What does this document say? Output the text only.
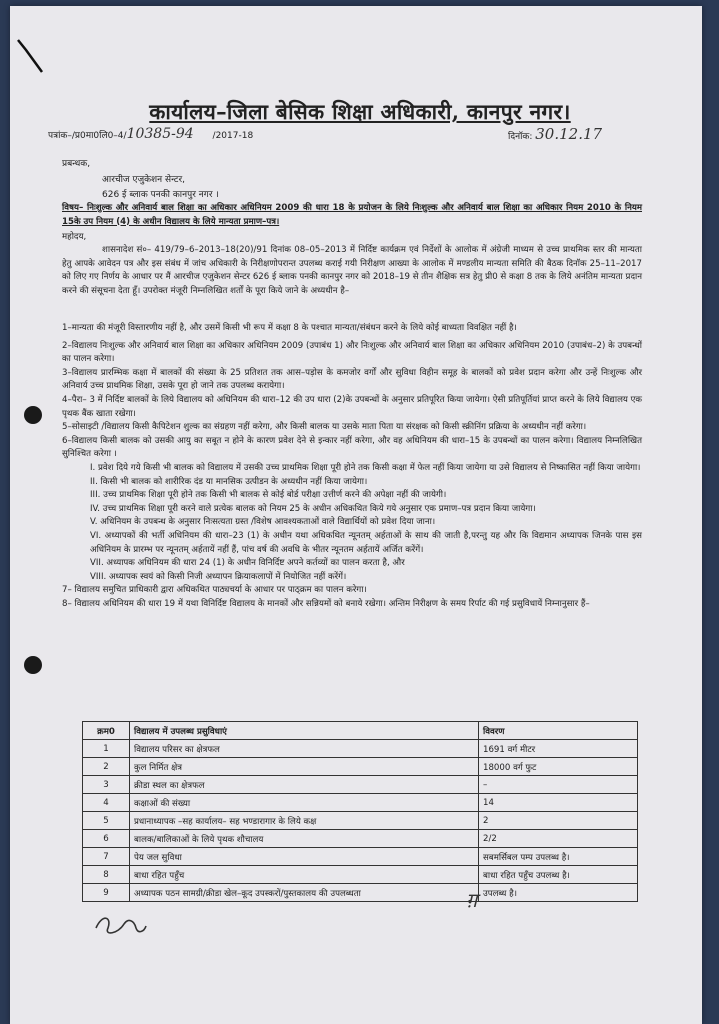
कार्यालय–जिला बेसिक शिक्षा अधिकारी, कानपुर नगर।
पत्रांक–/प्र0मा0लि0–4/10385-94 /2017-18	दिनॉक: 30.12.17
प्रबन्धक,
आरचीज एजुकेशन सेन्टर,
626 ई ब्लाक पनकी कानपुर नगर ।
विषय– निःशुल्क और अनिवार्य बाल शिक्षा का अधिकार अधिनियम 2009 की धारा 18 के प्रयोजन के लिये निःशुल्क और अनिवार्य बाल शिक्षा का अधिकार नियम 2010 के नियम 15के उप नियम (4) के अधीन विद्यालय के लिये मान्यता प्रमाण–पत्र।
महोदय,
शासनादेश सं०– 419/79–6–2013–18(20)/91 दिनांक 08–05–2013 में निर्दिष्ट कार्यक्रम एवं निर्देशों के आलोक में अंग्रेजी माध्यम से उच्च प्राथमिक स्तर की मान्यता हेतु आपके आवेदन पत्र और इस संबंध में जांच अधिकारी के निरीक्षणोपरान्त उपलब्ध कराई गयी निरीक्षण आख्या के आलोक में मण्डलीय मान्यता समिति की बैठक दिनॉक 25–11–2017 को लिए गए निर्णय के आधार पर मैं आरचीज एजुकेशन सेन्टर 626 ई ब्लाक पनकी कानपुर नगर को 2018–19 से तीन शैक्षिक सत्र हेतु प्री0 से कक्षा 8 तक के लिये अनंतिम मान्यता प्रदान करने की संसूचना देता हूँ। उपरोक्त मंजूरी निम्नलिखित शर्तों के पूरा किये जाने के अध्यधीन है–

1–मान्यता की मंजूरी विस्तारणीय नहीं है, और उसमें किसी भी रूप में कक्षा 8 के पश्चात मान्यता/संबंधन करने के लिये कोई बाध्यता विवक्षित नहीं है।

2–विद्यालय निःशुल्क और अनिवार्य बाल शिक्षा का अधिकार अधिनियम 2009 (उपाबंध 1) और निःशुल्क और अनिवार्य बाल शिक्षा का अधिकार अधिनियम 2010 (उपाबंध–2) के उपबन्धों का पालन करेगा।

3–विद्यालय प्रारम्भिक कक्षा में बालकों की संख्या के 25 प्रतिशत तक आस–पड़ोस के कमजोर वर्गों और सुविधा विहीन समूह के बालकों को प्रवेश प्रदान करेगा और उन्हें निःशुल्क और अनिवार्य उच्च प्राथमिक शिक्षा, उसके पूरा हो जाने तक उपलब्ध करायेगा।

4–पैरा– 3 में निर्दिष्ट बालकों के लिये विद्यालय को अधिनियम की धारा–12 की उप धारा (2)के उपबन्धों के अनुसार प्रतिपूरित किया जायेगा। ऐसी प्रतिपूर्तियां प्राप्त करने के लिये विद्यालय एक पृथक बैंक खाता रखेगा।

5–सोसाइटी /विद्यालय किसी कैपिटेशन शुल्क का संग्रहण नहीं करेगा, और किसी बालक या उसके माता पिता या संरक्षक को किसी स्क्रीनिंग प्रक्रिया के अध्यधीन नहीं करेगा।

6–विद्यालय किसी बालक को उसकी आयु का सबूत न होने के कारण प्रवेश देने से इन्कार नहीं करेगा, और वह अधिनियम की धारा–15 के उपबन्धों का पालन करेगा। विद्यालय निम्नलिखित सुनिश्चित करेगा ।

I. प्रवेश दिये गये किसी भी बालक को विद्यालय में उसकी उच्च प्राथमिक शिक्षा पूरी होने तक किसी कक्षा में फेल नहीं किया जायेगा या उसे विद्यालय से निष्कासित नहीं किया जायेगा।

II. किसी भी बालक को शारीरिक दंड या मानसिक उत्पीडन के अध्यधीन नहीं किया जायेगा।

III. उच्च प्राथमिक शिक्षा पूरी होने तक किसी भी बालक से कोई बोर्ड परीक्षा उत्तीर्ण करने की अपेक्षा नहीं की जायेगी।

IV. उच्च प्राथमिक शिक्षा पूरी करने वाले प्रत्येक बालक को नियम 25 के अधीन अधिकथित किये गये अनुसार एक प्रमाण–पत्र प्रदान किया जायेगा।

V. अधिनियम के उपबन्ध के अनुसार निःसत्यता ग्रस्त /विशेष आवश्यकताओं वाले विद्यार्थियों को प्रवेश दिया जाना।

VI. अध्यापकों की भर्ती अधिनियम की धारा–23 (1) के अधीन यथा अधिकथित न्यूनतम् अर्हताओं के साथ की जाती है,परन्तु यह और कि विद्यमान अध्यापक जिनके पास इस अधिनियम के प्रारम्भ पर न्यूनतम् अर्हतायें नहीं हैं, पांच वर्ष की अवधि के भीतर न्यूनतम अर्हतायें अर्जित करेंगें।

VII. अध्यापक अधिनियम की धारा 24 (1) के अधीन विनिर्दिष्ट अपने कर्तव्यों का पालन करता है, और

VIII. अध्यापक स्वयं को किसी निजी अध्यापन क्रियाकलापों में नियोजित नहीं करेंगें।

7– विद्यालय समुचित प्राधिकारी द्वारा अधिकथित पाठ्यचर्या के आधार पर पाठ्क्रम का पालन करेगा।

8– विद्यालय अधिनियम की धारा 19 में यथा विनिर्दिष्ट विद्यालय के मानकों और सन्नियमों को बनाये रखेगा। अन्तिम निरीक्षण के समय रिर्पाट की गई प्रसुविधायें निम्नानुसार हैं–

क्रम0	विद्यालय में उपलब्ध प्रसुविधाएं	विवरण
1	विद्यालय परिसर का क्षेत्रफल	1691 वर्ग मीटर
2	कुल निर्मित क्षेत्र	18000 वर्ग फुट
3	क्रीडा स्थल का क्षेत्रफल	–
4	कक्षाओं की संख्या	14
5	प्रधानाध्यापक –सह कार्यालय– सह भण्डारागार के लिये कक्ष	2
6	बालक/बालिकाओं के लिये पृथक शौचालय	2/2
7	पेय जल सुविधा	सबमर्सिबल पम्प उपलब्ध है।
8	बाधा रहित पहुँच	बाधा रहित पहुँच उपलब्ध है।
9	अध्यापक पठन सामग्री/क्रीडा खेल–कूद उपस्करों/पुस्तकालय की उपलब्धता	उपलब्ध है।
ग़
